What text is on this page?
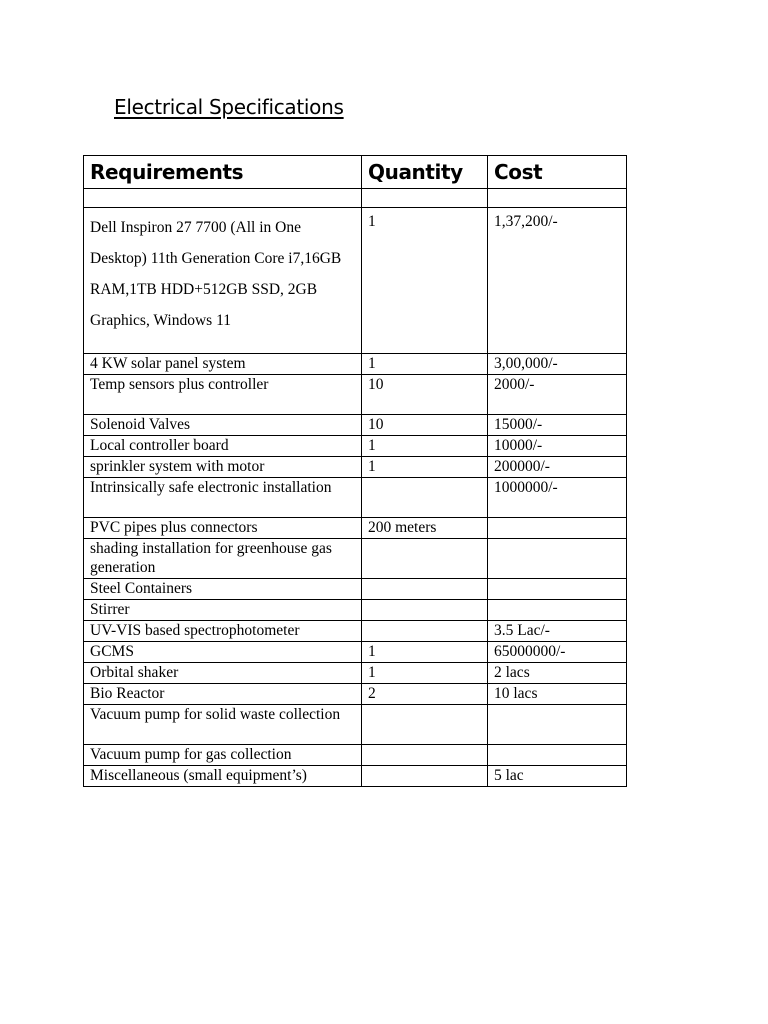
Electrical Specifications
Requirements	Quantity	Cost

Dell Inspiron 27 7700 (All in One Desktop) 11th Generation Core i7,16GB RAM,1TB HDD+512GB SSD, 2GB Graphics, Windows 11	1	1,37,200/-
4 KW solar panel system	1	3,00,000/-
Temp sensors plus controller	10	2000/-
Solenoid Valves	10	15000/-
Local controller board	1	10000/-
sprinkler system with motor	1	200000/-
Intrinsically safe electronic installation		1000000/-
PVC pipes plus connectors	200 meters	
shading installation for greenhouse gas generation		
Steel Containers		
Stirrer		
UV-VIS based spectrophotometer		3.5 Lac/-
GCMS	1	65000000/-
Orbital shaker	1	2 lacs
Bio Reactor	2	10 lacs
Vacuum pump for solid waste collection		
Vacuum pump for gas collection		
Miscellaneous (small equipment’s)		5 lac
